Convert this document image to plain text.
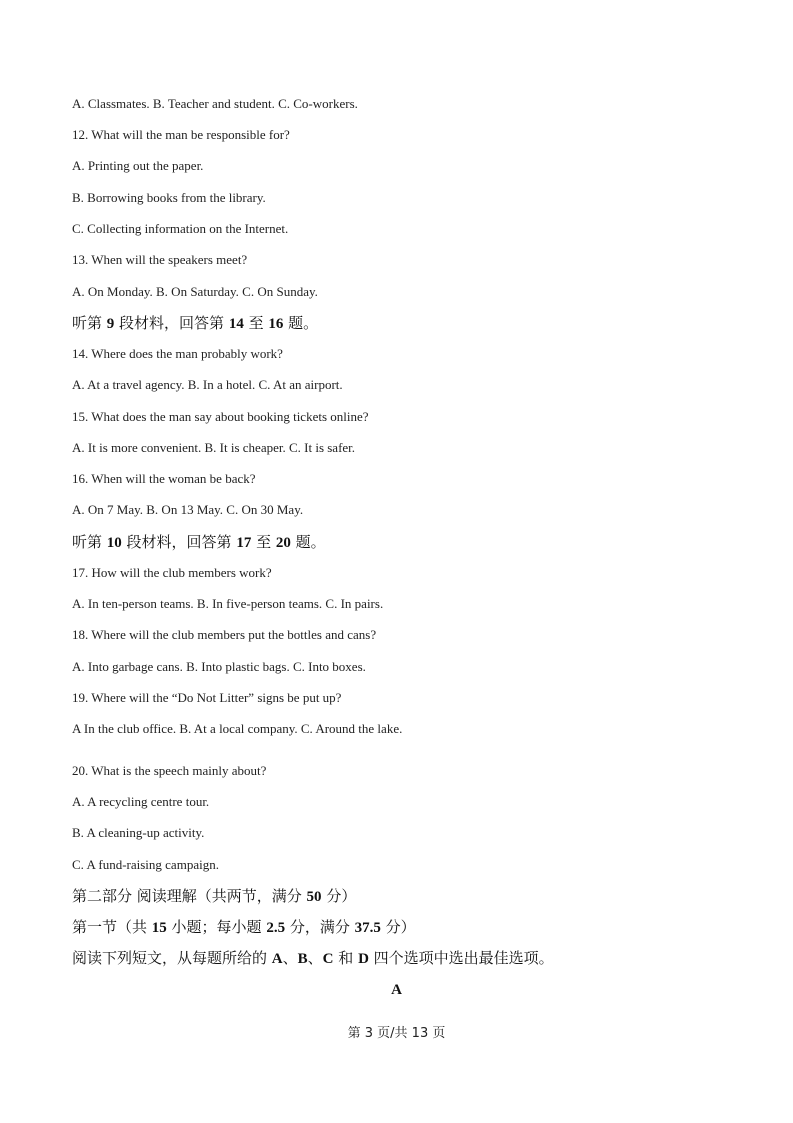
A. Classmates. B. Teacher and student. C. Co-workers.
12. What will the man be responsible for?
A. Printing out the paper.
B. Borrowing books from the library.
C. Collecting information on the Internet.
13. When will the speakers meet?
A. On Monday. B. On Saturday. C. On Sunday.
听第 9 段材料，回答第 14 至 16 题。
14. Where does the man probably work?
A. At a travel agency. B. In a hotel. C. At an airport.
15. What does the man say about booking tickets online?
A. It is more convenient. B. It is cheaper. C. It is safer.
16. When will the woman be back?
A. On 7 May. B. On 13 May. C. On 30 May.
听第 10 段材料，回答第 17 至 20 题。
17. How will the club members work?
A. In ten-person teams. B. In five-person teams. C. In pairs.
18. Where will the club members put the bottles and cans?
A. Into garbage cans. B. Into plastic bags. C. Into boxes.
19. Where will the “Do Not Litter” signs be put up?
A In the club office. B. At a local company. C. Around the lake.
20. What is the speech mainly about?
A. A recycling centre tour.
B. A cleaning-up activity.
C. A fund-raising campaign.
第二部分 阅读理解（共两节，满分 50 分）
第一节（共 15 小题；每小题 2.5 分，满分 37.5 分）
阅读下列短文，从每题所给的 A、B、C 和 D 四个选项中选出最佳选项。
A
第 3 页/共 13 页
